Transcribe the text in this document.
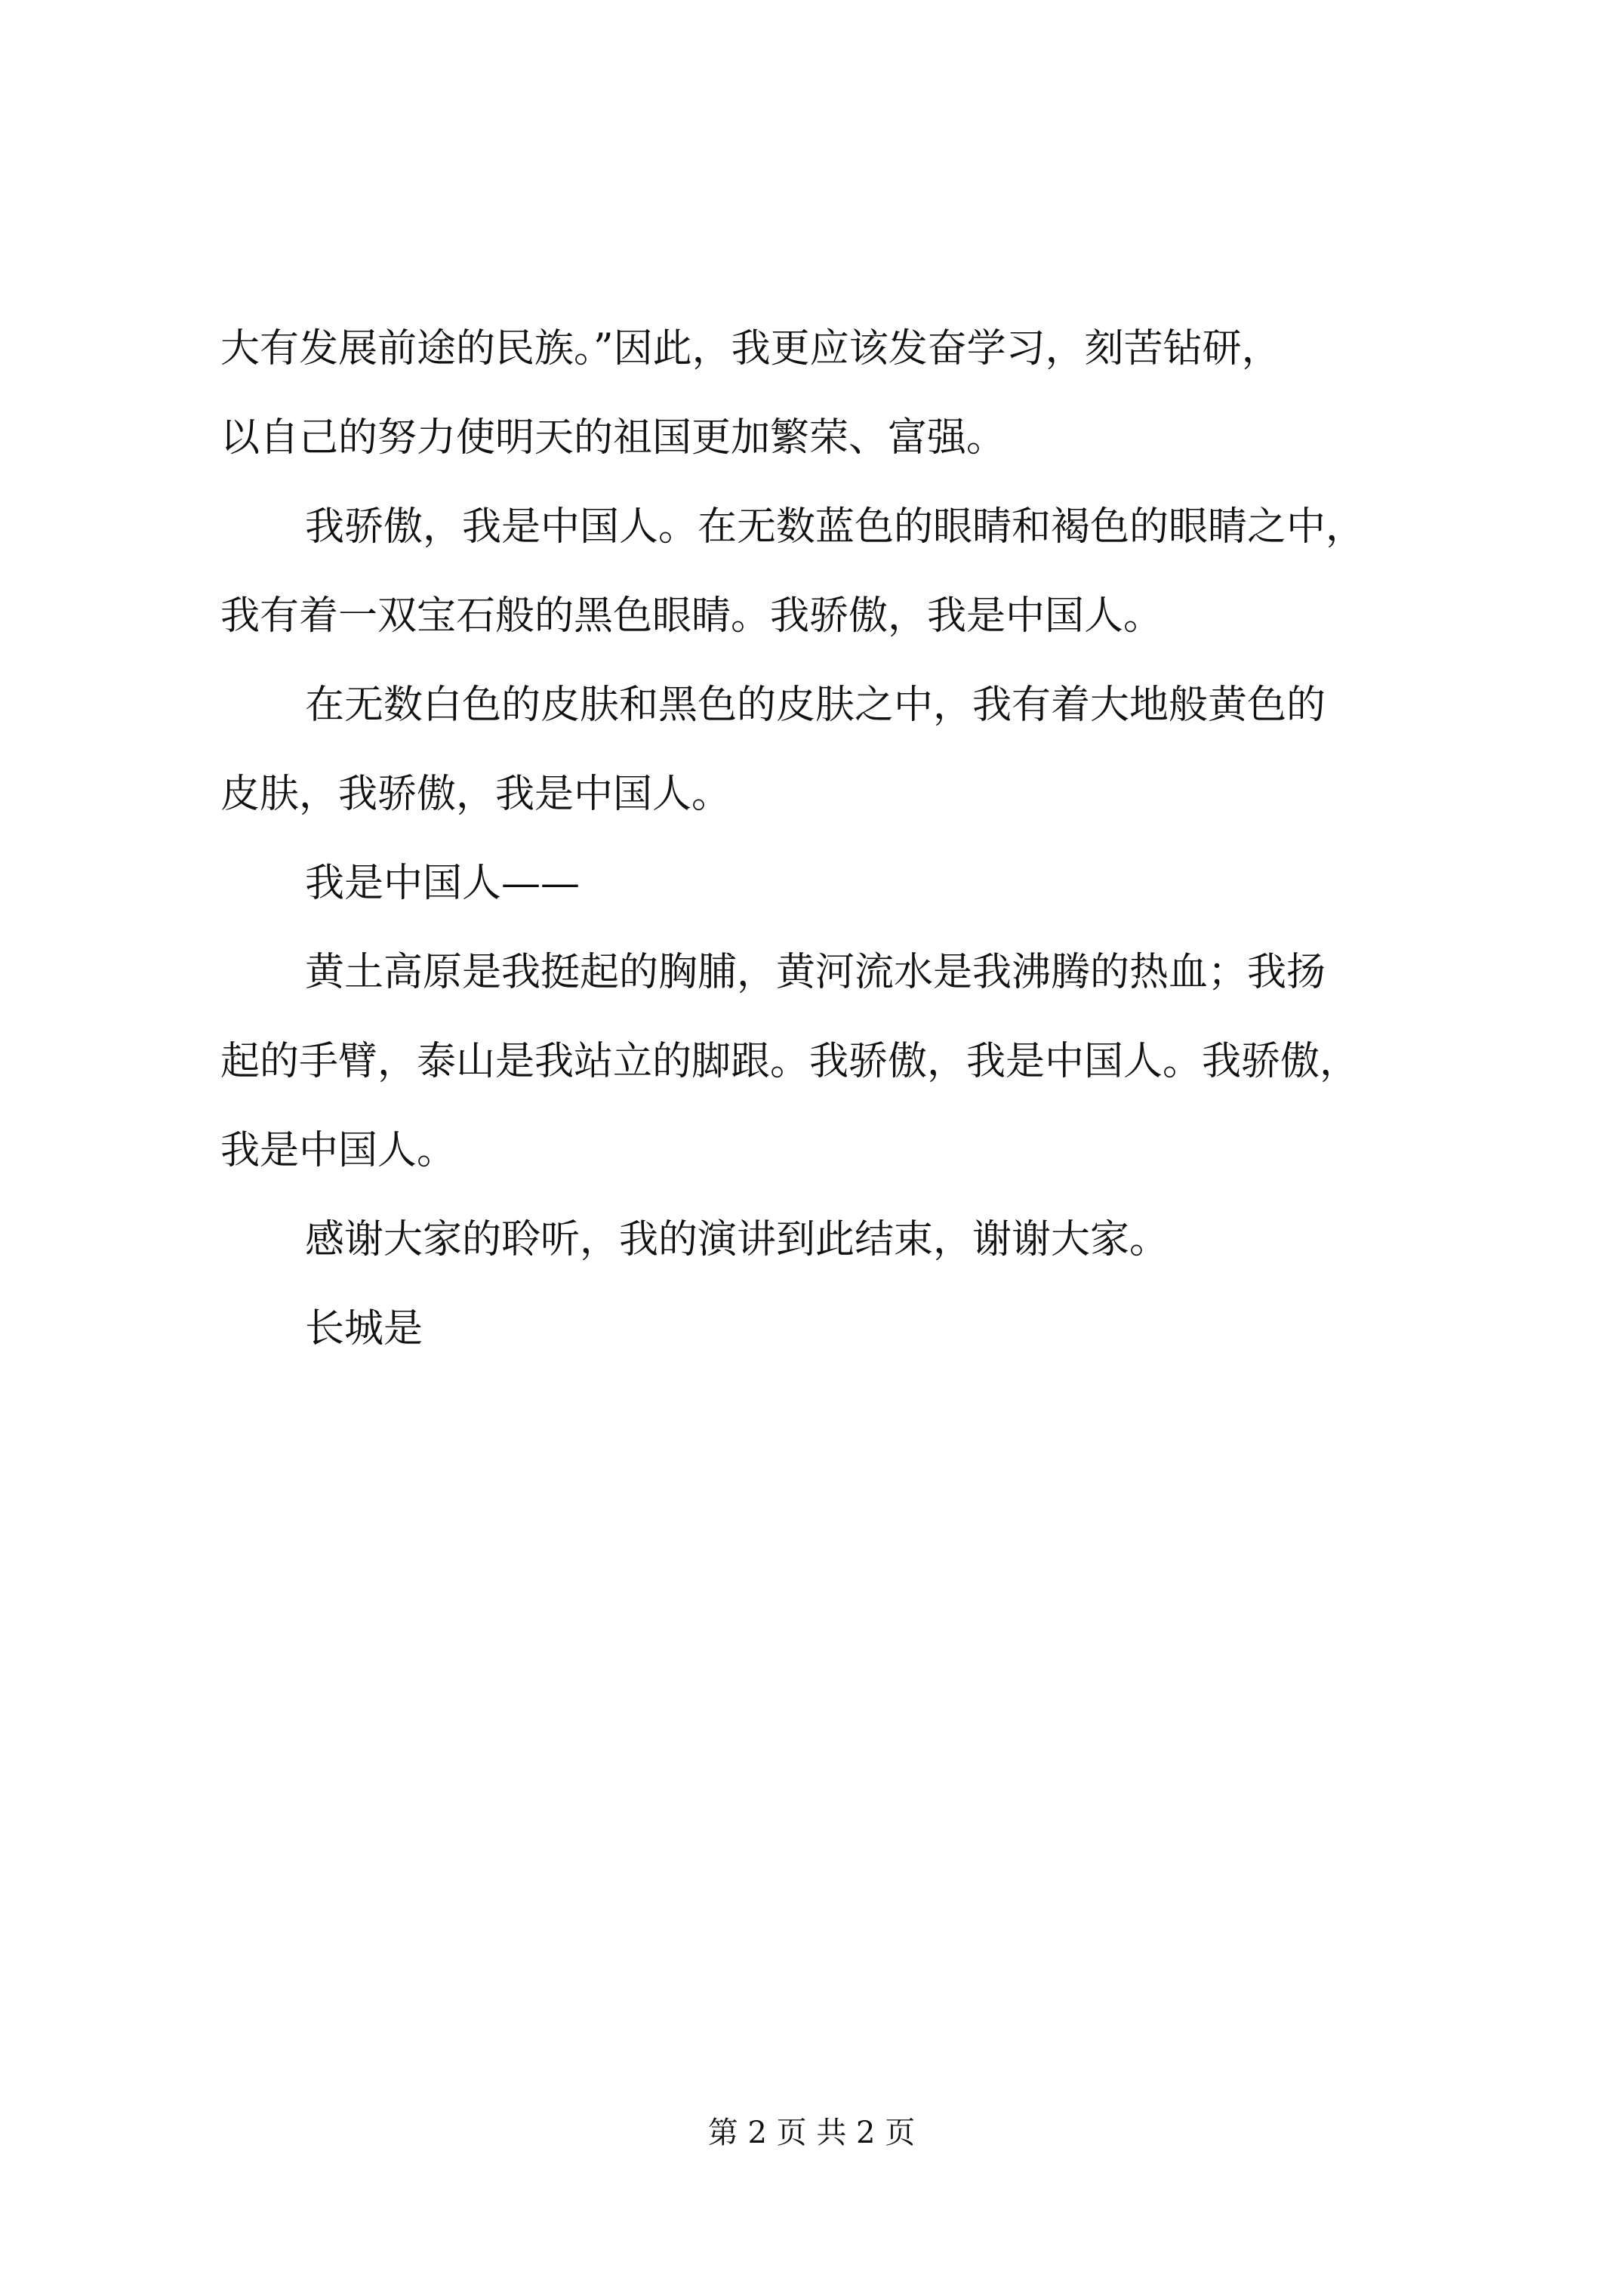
大有发展前途的民族。”因此，我更应该发奋学习，刻苦钻研，

以自己的努力使明天的祖国更加繁荣、富强。

我骄傲，我是中国人。在无数蓝色的眼睛和褐色的眼睛之中，

我有着一双宝石般的黑色眼睛。我骄傲，我是中国人。

在无数白色的皮肤和黑色的皮肤之中，我有着大地般黄色的

皮肤，我骄傲，我是中国人。

我是中国人——

黄土高原是我挺起的胸脯，黄河流水是我沸腾的热血；我扬

起的手臂，泰山是我站立的脚跟。我骄傲，我是中国人。我骄傲，

我是中国人。

感谢大家的聆听，我的演讲到此结束，谢谢大家。

长城是

第 2 页 共 2 页
